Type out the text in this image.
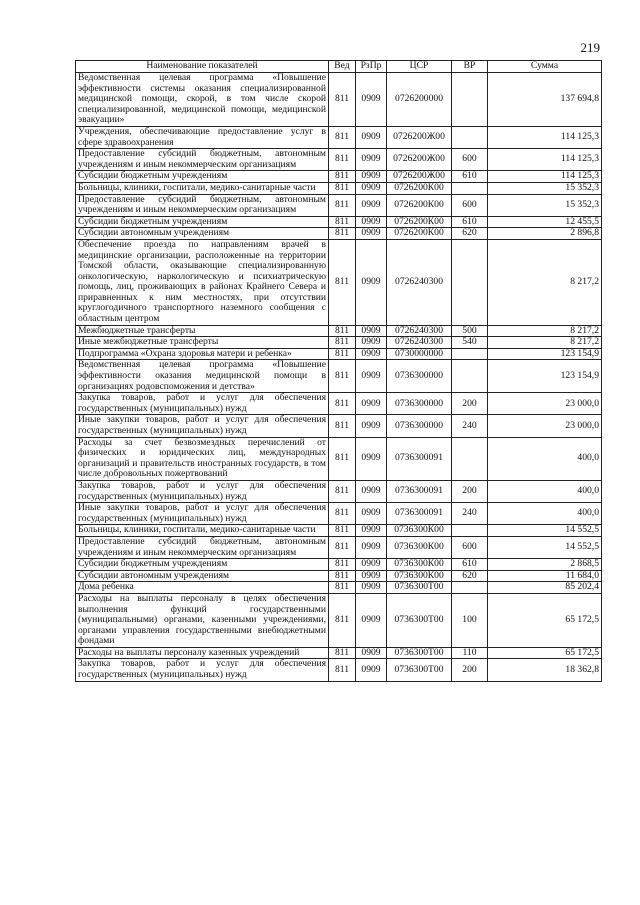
219
Наименование показателей	Вед	РзПр	ЦСР	ВР	Сумма
Ведомственная целевая программа «Повышение эффективности системы оказания специализированной медицинской помощи, скорой, в том числе скорой специализированной, медицинской помощи, медицинской эвакуации»	811	0909	0726200000		137 694,8
Учреждения, обеспечивающие предоставление услуг в сфере здравоохранения	811	0909	0726200Ж00		114 125,3
Предоставление субсидий бюджетным, автономным учреждениям и иным некоммерческим организациям	811	0909	0726200Ж00	600	114 125,3
Субсидии бюджетным учреждениям	811	0909	0726200Ж00	610	114 125,3
Больницы, клиники, госпитали, медико-санитарные части	811	0909	0726200К00		15 352,3
Предоставление субсидий бюджетным, автономным учреждениям и иным некоммерческим организациям	811	0909	0726200К00	600	15 352,3
Субсидии бюджетным учреждениям	811	0909	0726200К00	610	12 455,5
Субсидии автономным учреждениям	811	0909	0726200К00	620	2 896,8
Обеспечение проезда по направлениям врачей в медицинские организации, расположенные на территории Томской области, оказывающие специализированную онкологическую, наркологическую и психиатрическую помощь, лиц, проживающих в районах Крайнего Севера и приравненных к ним местностях, при отсутствии круглогодичного транспортного наземного сообщения с областным центром	811	0909	0726240300		8 217,2
Межбюджетные трансферты	811	0909	0726240300	500	8 217,2
Иные межбюджетные трансферты	811	0909	0726240300	540	8 217,2
Подпрограмма «Охрана здоровья матери и ребенка»	811	0909	0730000000		123 154,9
Ведомственная целевая программа «Повышение эффективности оказания медицинской помощи в организациях родовспоможения и детства»	811	0909	0736300000		123 154,9
Закупка товаров, работ и услуг для обеспечения государственных (муниципальных) нужд	811	0909	0736300000	200	23 000,0
Иные закупки товаров, работ и услуг для обеспечения государственных (муниципальных) нужд	811	0909	0736300000	240	23 000,0
Расходы за счет безвозмездных перечислений от физических и юридических лиц, международных организаций и правительств иностранных государств, в том числе добровольных пожертвований	811	0909	0736300091		400,0
Закупка товаров, работ и услуг для обеспечения государственных (муниципальных) нужд	811	0909	0736300091	200	400,0
Иные закупки товаров, работ и услуг для обеспечения государственных (муниципальных) нужд	811	0909	0736300091	240	400,0
Больницы, клиники, госпитали, медико-санитарные части	811	0909	0736300К00		14 552,5
Предоставление субсидий бюджетным, автономным учреждениям и иным некоммерческим организациям	811	0909	0736300К00	600	14 552,5
Субсидии бюджетным учреждениям	811	0909	0736300К00	610	2 868,5
Субсидии автономным учреждениям	811	0909	0736300К00	620	11 684,0
Дома ребенка	811	0909	0736300Т00		85 202,4
Расходы на выплаты персоналу в целях обеспечения выполнения функций государственными (муниципальными) органами, казенными учреждениями, органами управления государственными внебюджетными фондами	811	0909	0736300Т00	100	65 172,5
Расходы на выплаты персоналу казенных учреждений	811	0909	0736300Т00	110	65 172,5
Закупка товаров, работ и услуг для обеспечения государственных (муниципальных) нужд	811	0909	0736300Т00	200	18 362,8
